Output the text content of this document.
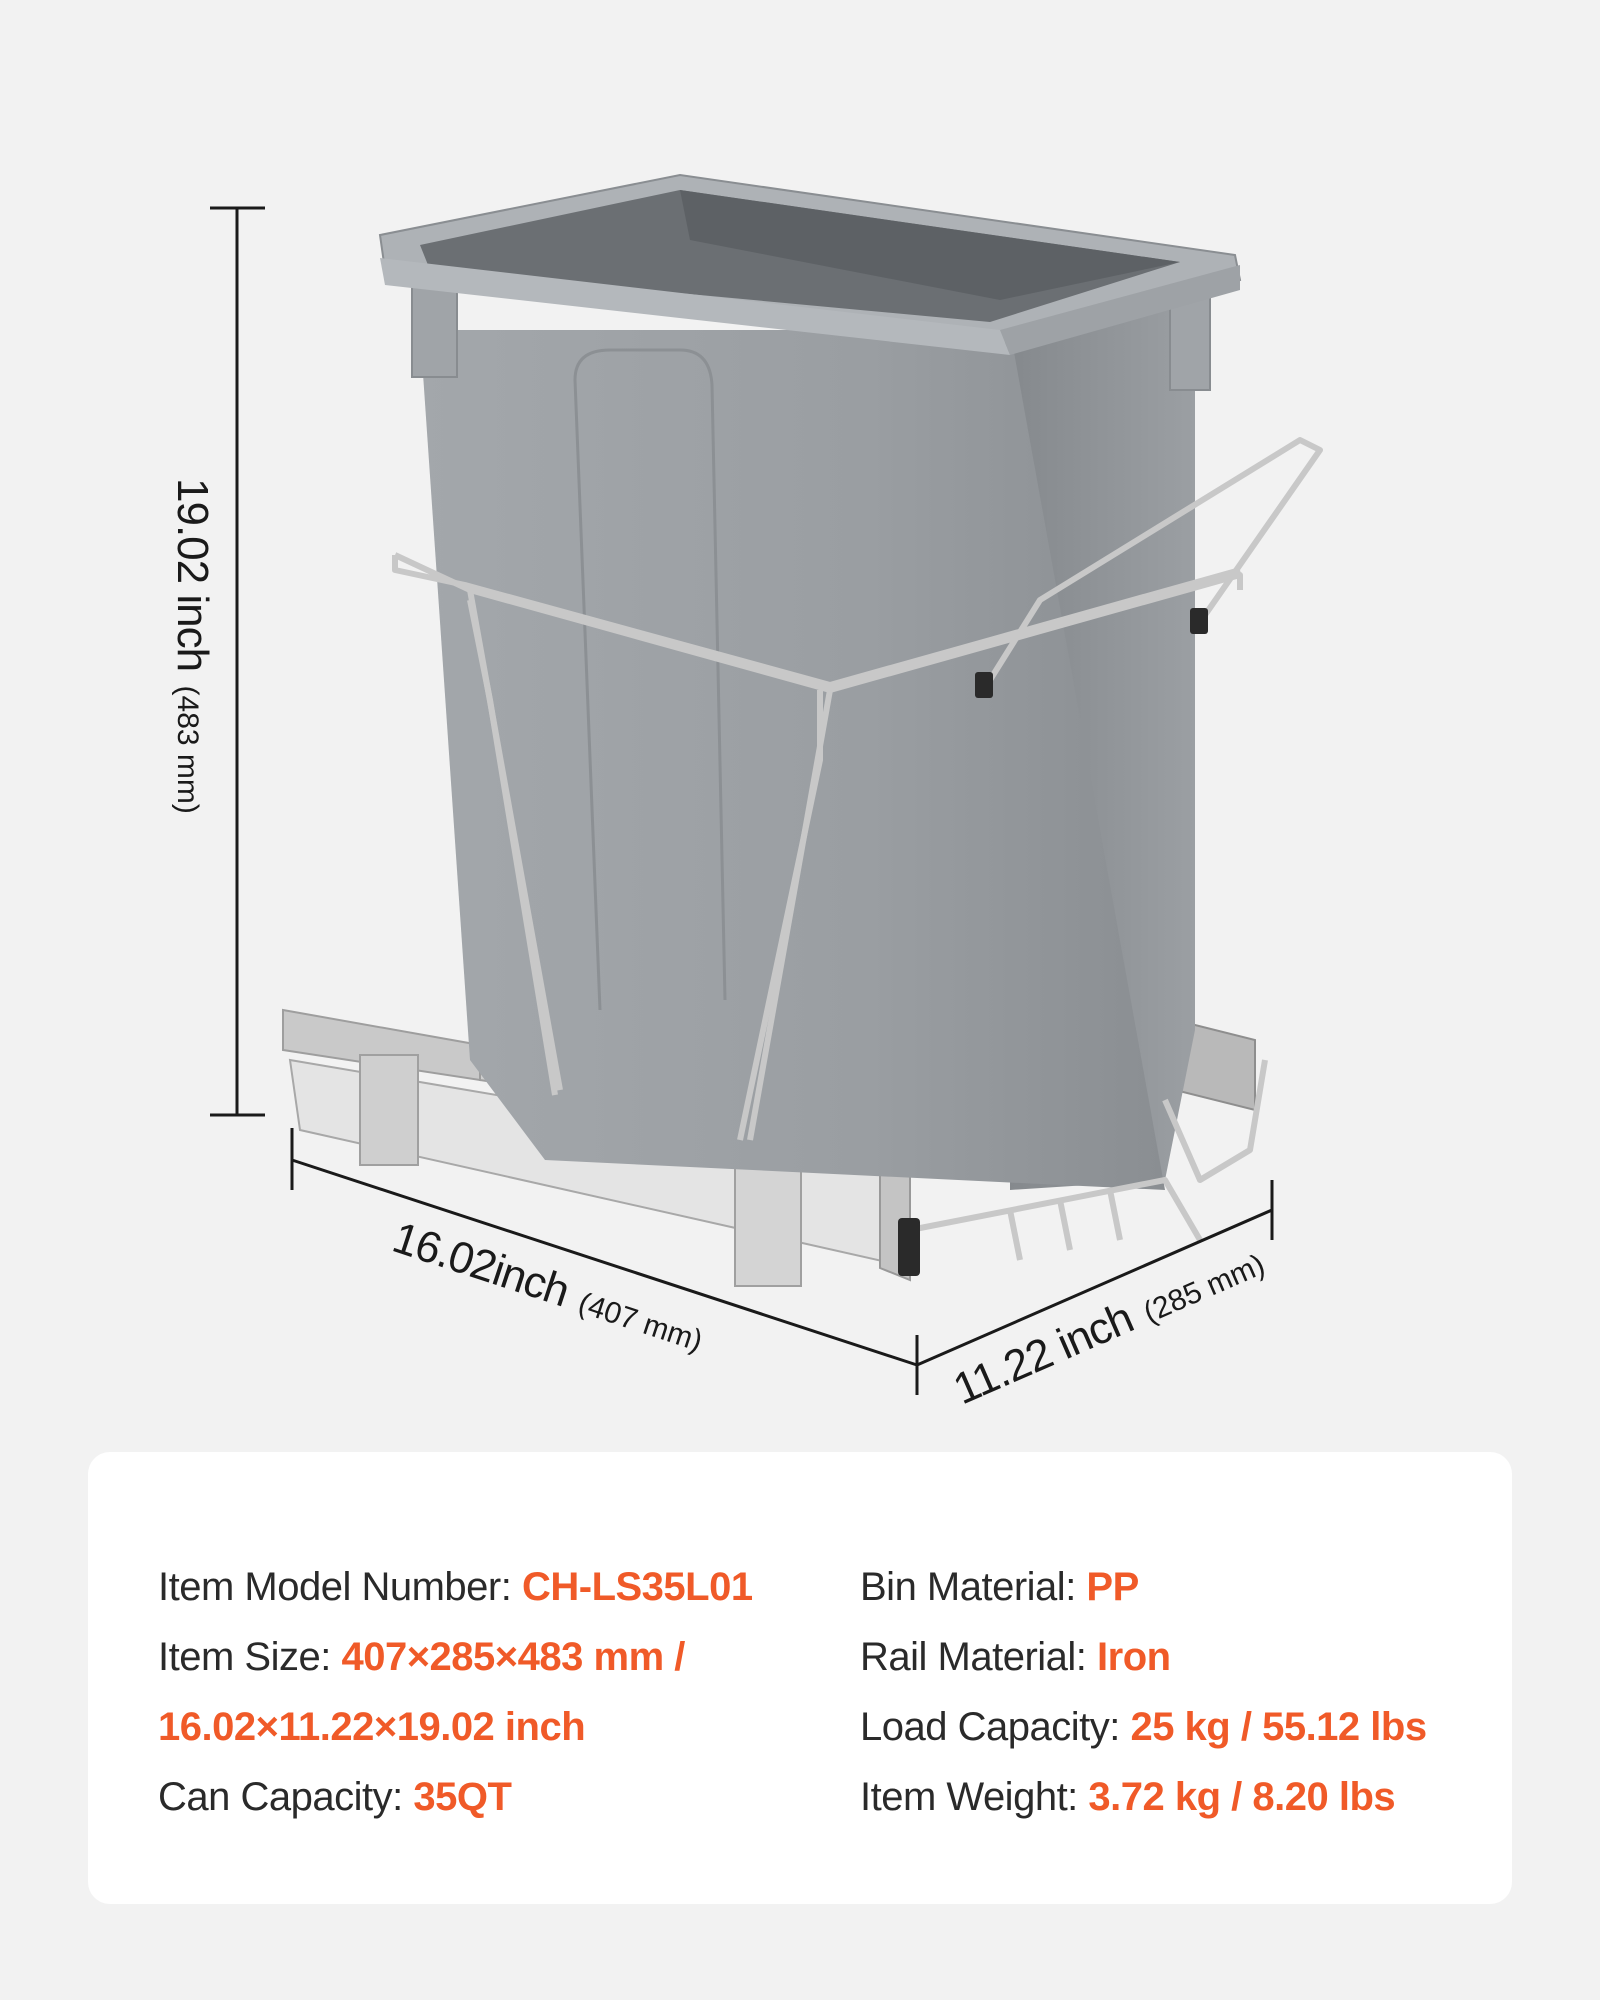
19.02 inch (483 mm)
16.02inch (407 mm)	11.22 inch (285 mm)
Item Model Number: CH-LS35L01
Item Size: 407×285×483 mm /
16.02×11.22×19.02 inch
Can Capacity: 35QT
Bin Material: PP
Rail Material: Iron
Load Capacity: 25 kg / 55.12 lbs
Item Weight: 3.72 kg / 8.20 lbs
